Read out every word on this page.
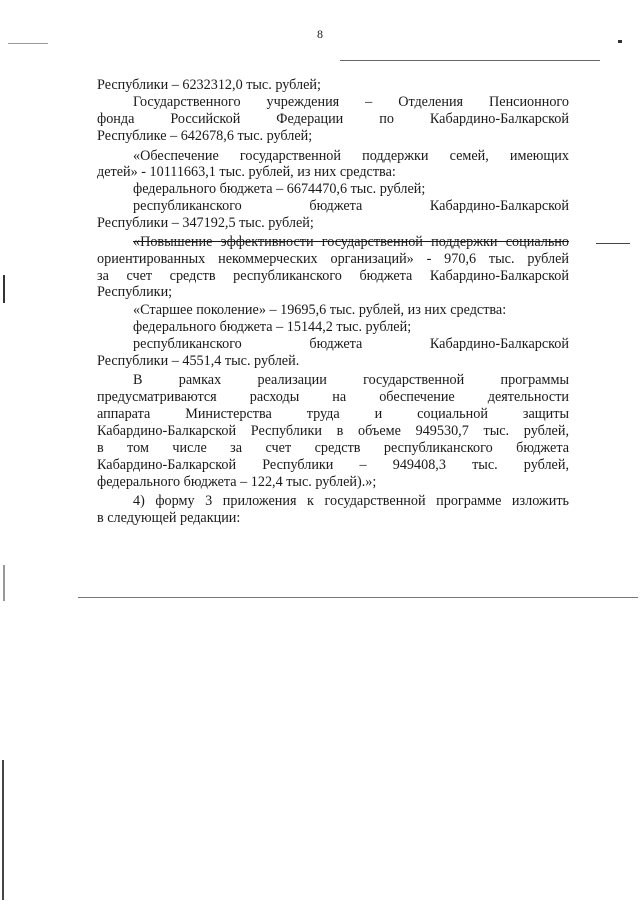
8
Республики – 6232312,0 тыс. рублей;
Государственного учреждения – Отделения Пенсионного
фонда Российской Федерации по Кабардино-Балкарской
Республике – 642678,6 тыс. рублей;
«Обеспечение государственной поддержки семей, имеющих
детей» - 10111663,1 тыс. рублей, из них средства:
федерального бюджета – 6674470,6 тыс. рублей;
республиканского бюджета Кабардино-Балкарской
Республики – 347192,5 тыс. рублей;
«Повышение эффективности государственной поддержки социально
ориентированных некоммерческих организаций» - 970,6 тыс. рублей
за счет средств республиканского бюджета Кабардино-Балкарской
Республики;
«Старшее поколение» – 19695,6 тыс. рублей, из них средства:
федерального бюджета – 15144,2 тыс. рублей;
республиканского бюджета Кабардино-Балкарской
Республики – 4551,4 тыс. рублей.
В рамках реализации государственной программы
предусматриваются расходы на обеспечение деятельности
аппарата Министерства труда и социальной защиты
Кабардино-Балкарской Республики в объеме 949530,7 тыс. рублей,
в том числе за счет средств республиканского бюджета
Кабардино-Балкарской Республики – 949408,3 тыс. рублей,
федерального бюджета – 122,4 тыс. рублей).»;
4) форму 3 приложения к государственной программе изложить
в следующей редакции:
